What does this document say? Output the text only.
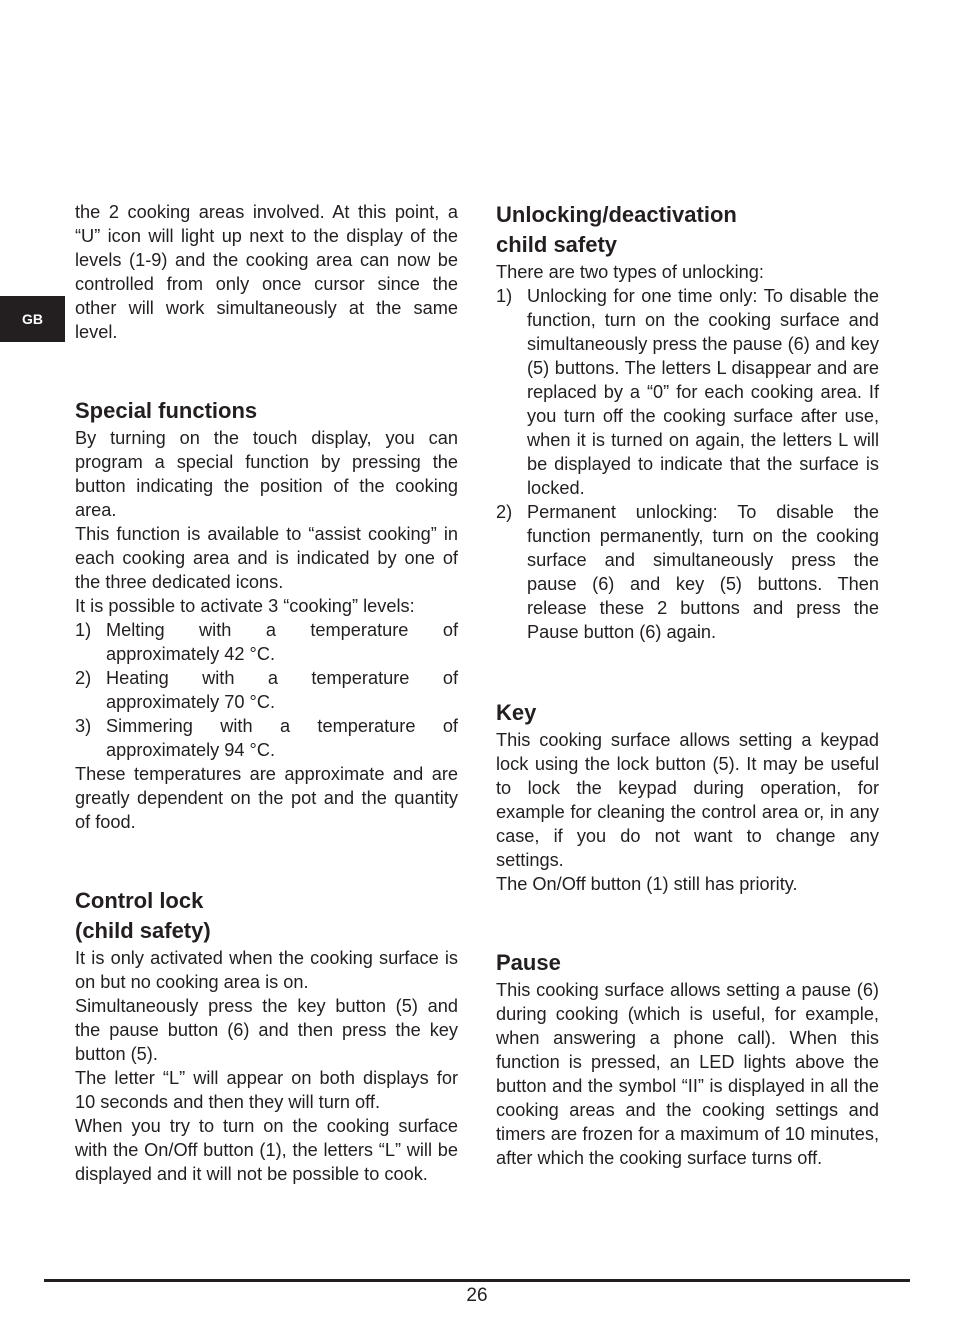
GB

the 2 cooking areas involved. At this point, a “U” icon will light up next to the display of the levels (1-9) and the cooking area can now be controlled from only once cursor since the other will work simultaneously at the same level.

Special functions

By turning on the touch display, you can program a special function by pressing the button indicating the position of the cooking area.

This function is available to “assist cooking” in each cooking area and is indicated by one of the three dedicated icons.

It is possible to activate 3 “cooking” levels:

1) Melting with a temperature of
approximately 42 °C.
2) Heating with a temperature of
approximately 70 °C.
3) Simmering with a temperature of
approximately 94 °C.

These temperatures are approximate and are greatly dependent on the pot and the quantity of food.

Control lock
(child safety)

It is only activated when the cooking surface is on but no cooking area is on.

Simultaneously press the key button (5) and the pause button (6) and then press the key button (5).

The letter “L” will appear on both displays for 10 seconds and then they will turn off.

When you try to turn on the cooking surface with the On/Off button (1), the letters “L” will be displayed and it will not be possible to cook.

Unlocking/deactivation
child safety

There are two types of unlocking:

1) Unlocking for one time only: To disable the function, turn on the cooking surface and simultaneously press the pause (6) and key (5) buttons. The letters L disappear and are replaced by a “0” for each cooking area. If you turn off the cooking surface after use, when it is turned on again, the letters L will be displayed to indicate that the surface is locked.
2) Permanent unlocking: To disable the function permanently, turn on the cooking surface and simultaneously press the pause (6) and key (5) buttons. Then release these 2 buttons and press the Pause button (6) again.
Key

This cooking surface allows setting a keypad lock using the lock button (5). It may be useful to lock the keypad during operation, for example for cleaning the control area or, in any case, if you do not want to change any settings.

The On/Off button (1) still has priority.

Pause

This cooking surface allows setting a pause (6) during cooking (which is useful, for example, when answering a phone call). When this function is pressed, an LED lights above the button and the symbol “II” is displayed in all the cooking areas and the cooking settings and timers are frozen for a maximum of 10 minutes, after which the cooking surface turns off.

26
